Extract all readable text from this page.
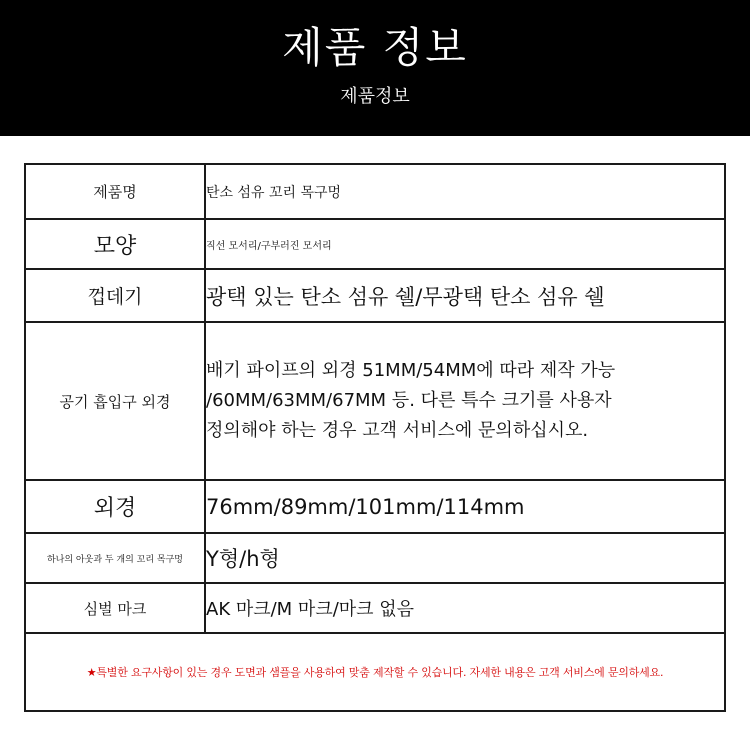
제품 정보
제품정보
제품명	탄소 섬유 꼬리 목구멍
모양	직선 모서리/구부러진 모서리
껍데기	광택 있는 탄소 섬유 쉘/무광택 탄소 섬유 쉘
공기 흡입구 외경	배기 파이프의 외경 51MM/54MM에 따라 제작 가능
/60MM/63MM/67MM 등. 다른 특수 크기를 사용자
정의해야 하는 경우 고객 서비스에 문의하십시오.

외경	76mm/89mm/101mm/114mm
하나의 아웃과 두 개의 꼬리 목구멍	Y형/h형
심벌 마크	AK 마크/M 마크/마크 없음
★특별한 요구사항이 있는 경우 도면과 샘플을 사용하여 맞춤 제작할 수 있습니다. 자세한 내용은 고객 서비스에 문의하세요.	
